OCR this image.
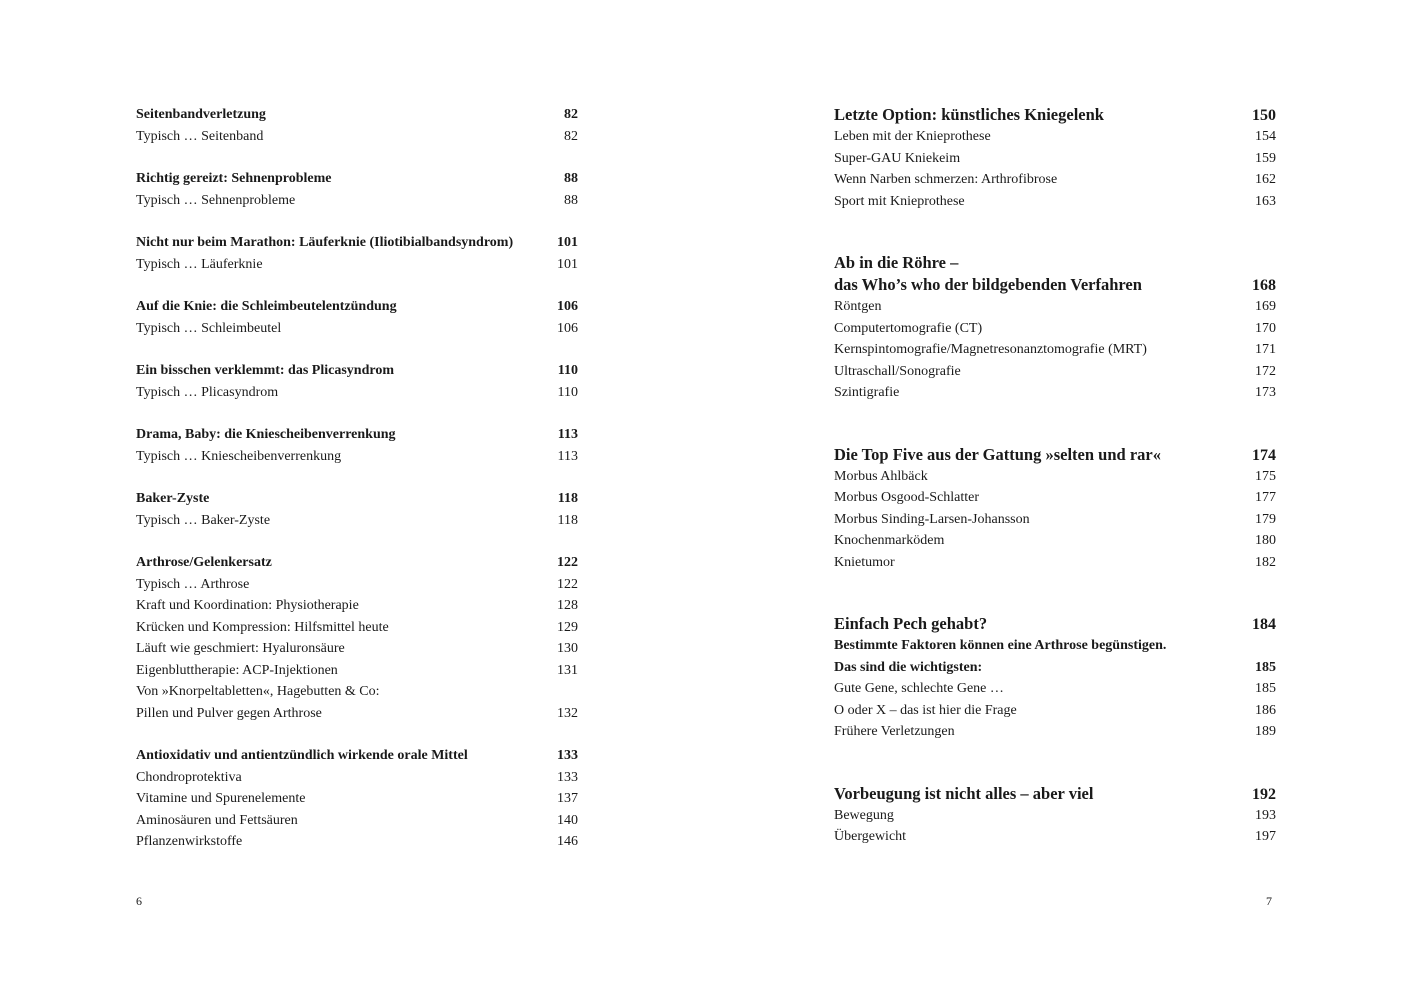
Seitenbandverletzung	82
Typisch … Seitenband	82
Richtig gereizt: Sehnenprobleme	88
Typisch … Sehnenprobleme	88
Nicht nur beim Marathon: Läuferknie (Iliotibialbandsyndrom)	101
Typisch … Läuferknie	101
Auf die Knie: die Schleimbeutelentzündung	106
Typisch … Schleimbeutel	106
Ein bisschen verklemmt: das Plicasyndrom	110
Typisch … Plicasyndrom	110
Drama, Baby: die Kniescheibenverrenkung	113
Typisch … Kniescheibenverrenkung	113
Baker-Zyste	118
Typisch … Baker-Zyste	118
Arthrose/Gelenkersatz	122
Typisch … Arthrose	122
Kraft und Koordination: Physiotherapie	128
Krücken und Kompression: Hilfsmittel heute	129
Läuft wie geschmiert: Hyaluronsäure	130
Eigenbluttherapie: ACP-Injektionen	131
Von »Knorpeltabletten«, Hagebutten & Co:
Pillen und Pulver gegen Arthrose	132
Antioxidativ und antientzündlich wirkende orale Mittel	133
Chondroprotektiva	133
Vitamine und Spurenelemente	137
Aminosäuren und Fettsäuren	140
Pflanzenwirkstoffe	146
6
Letzte Option: künstliches Kniegelenk	150
Leben mit der Knieprothese	154
Super-GAU Kniekeim	159
Wenn Narben schmerzen: Arthrofibrose	162
Sport mit Knieprothese	163
Ab in die Röhre –
das Who’s who der bildgebenden Verfahren	168
Röntgen	169
Computertomografie (CT)	170
Kernspintomografie/Magnetresonanztomografie (MRT)	171
Ultraschall/Sonografie	172
Szintigrafie	173
Die Top Five aus der Gattung »selten und rar«	174
Morbus Ahlbäck	175
Morbus Osgood-Schlatter	177
Morbus Sinding-Larsen-Johansson	179
Knochenmarködem	180
Knietumor	182
Einfach Pech gehabt?	184
Bestimmte Faktoren können eine Arthrose begünstigen.
Das sind die wichtigsten:	185
Gute Gene, schlechte Gene …	185
O oder X – das ist hier die Frage	186
Frühere Verletzungen	189
Vorbeugung ist nicht alles – aber viel	192
Bewegung	193
Übergewicht	197
7
